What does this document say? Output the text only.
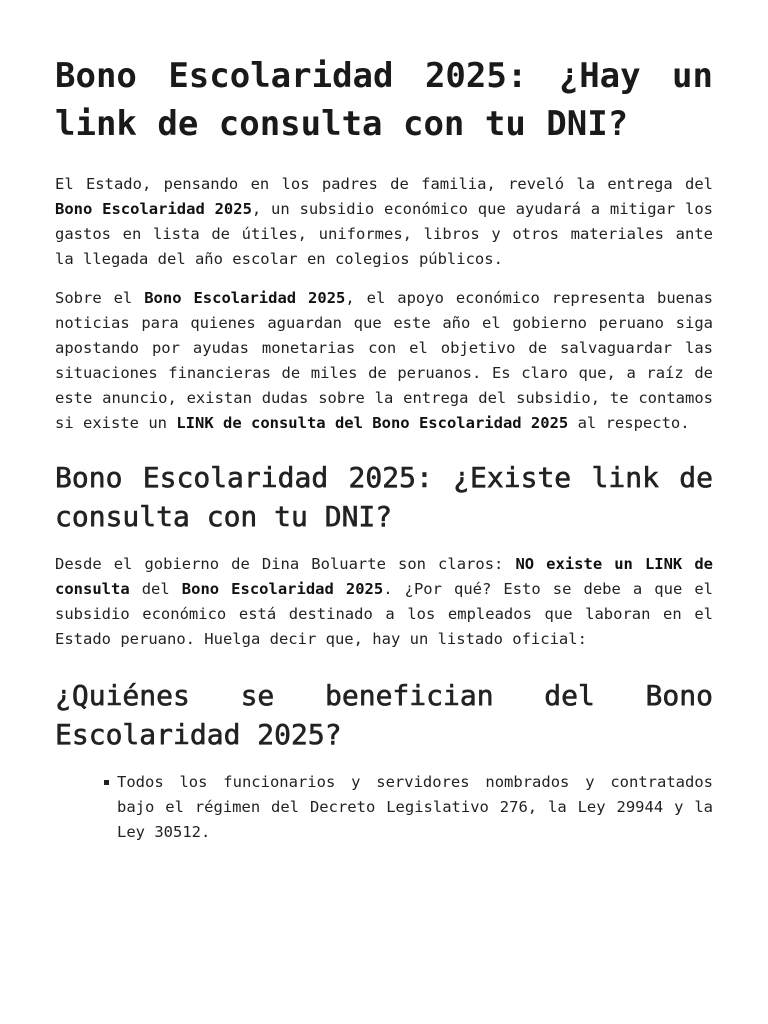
Bono Escolaridad 2025: ¿Hay un link de consulta con tu DNI?

El Estado, pensando en los padres de familia, reveló la entrega del Bono Escolaridad 2025, un subsidio económico que ayudará a mitigar los gastos en lista de útiles, uniformes, libros y otros materiales ante la llegada del año escolar en colegios públicos.

Sobre el Bono Escolaridad 2025, el apoyo económico representa buenas noticias para quienes aguardan que este año el gobierno peruano siga apostando por ayudas monetarias con el objetivo de salvaguardar las situaciones financieras de miles de peruanos. Es claro que, a raíz de este anuncio, existan dudas sobre la entrega del subsidio, te contamos si existe un LINK de consulta del Bono Escolaridad 2025 al respecto.

Bono Escolaridad 2025: ¿Existe link de consulta con tu DNI?

Desde el gobierno de Dina Boluarte son claros: NO existe un LINK de consulta del Bono Escolaridad 2025. ¿Por qué? Esto se debe a que el subsidio económico está destinado a los empleados que laboran en el Estado peruano. Huelga decir que, hay un listado oficial:

¿Quiénes se benefician del Bono Escolaridad 2025?
Todos los funcionarios y servidores nombrados y contratados bajo el régimen del Decreto Legislativo 276, la Ley 29944 y la Ley 30512.
